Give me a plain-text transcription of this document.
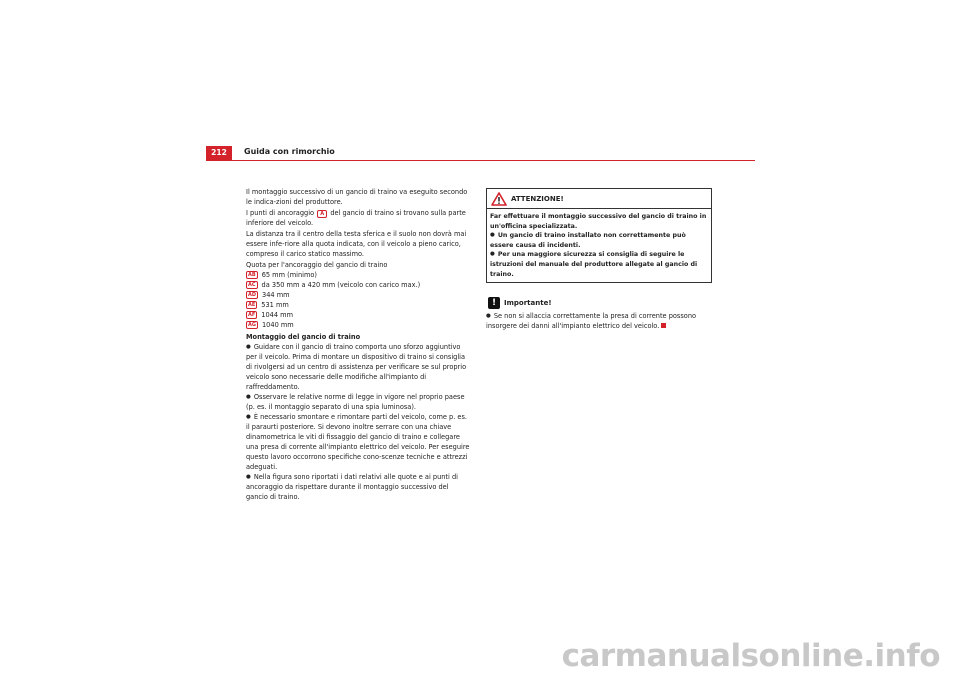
212	Guida con rimorchio
Il montaggio successivo di un gancio di traino va eseguito secondo le indica-zioni del produttore.
I punti di ancoraggio A del gancio di traino si trovano sulla parte inferiore del veicolo.
La distanza tra il centro della testa sferica e il suolo non dovrà mai essere infe-riore alla quota indicata, con il veicolo a pieno carico, compreso il carico statico massimo.
Quota per l'ancoraggio del gancio di traino
AB 65 mm (minimo)
AC da 350 mm a 420 mm (veicolo con carico max.)
AD 344 mm
AE 531 mm
AF 1044 mm
AG 1040 mm
Montaggio del gancio di traino
● Guidare con il gancio di traino comporta uno sforzo aggiuntivo per il veicolo. Prima di montare un dispositivo di traino si consiglia di rivolgersi ad un centro di assistenza per verificare se sul proprio veicolo sono necessarie delle modifiche all'impianto di raffreddamento.
● Osservare le relative norme di legge in vigore nel proprio paese (p. es. il montaggio separato di una spia luminosa).
● È necessario smontare e rimontare parti del veicolo, come p. es. il paraurti posteriore. Si devono inoltre serrare con una chiave dinamometrica le viti di fissaggio del gancio di traino e collegare una presa di corrente all'impianto elettrico del veicolo. Per eseguire questo lavoro occorrono specifiche cono-scenze tecniche e attrezzi adeguati.
● Nella figura sono riportati i dati relativi alle quote e ai punti di ancoraggio da rispettare durante il montaggio successivo del gancio di traino.
ATTENZIONE!
Far effettuare il montaggio successivo del gancio di traino in un'officina specializzata.
● Un gancio di traino installato non correttamente può essere causa di incidenti.
● Per una maggiore sicurezza si consiglia di seguire le istruzioni del manuale del produttore allegate al gancio di traino.
!	Importante!
● Se non si allaccia correttamente la presa di corrente possono insorgere dei danni all'impianto elettrico del veicolo.
carmanualsonline.info
